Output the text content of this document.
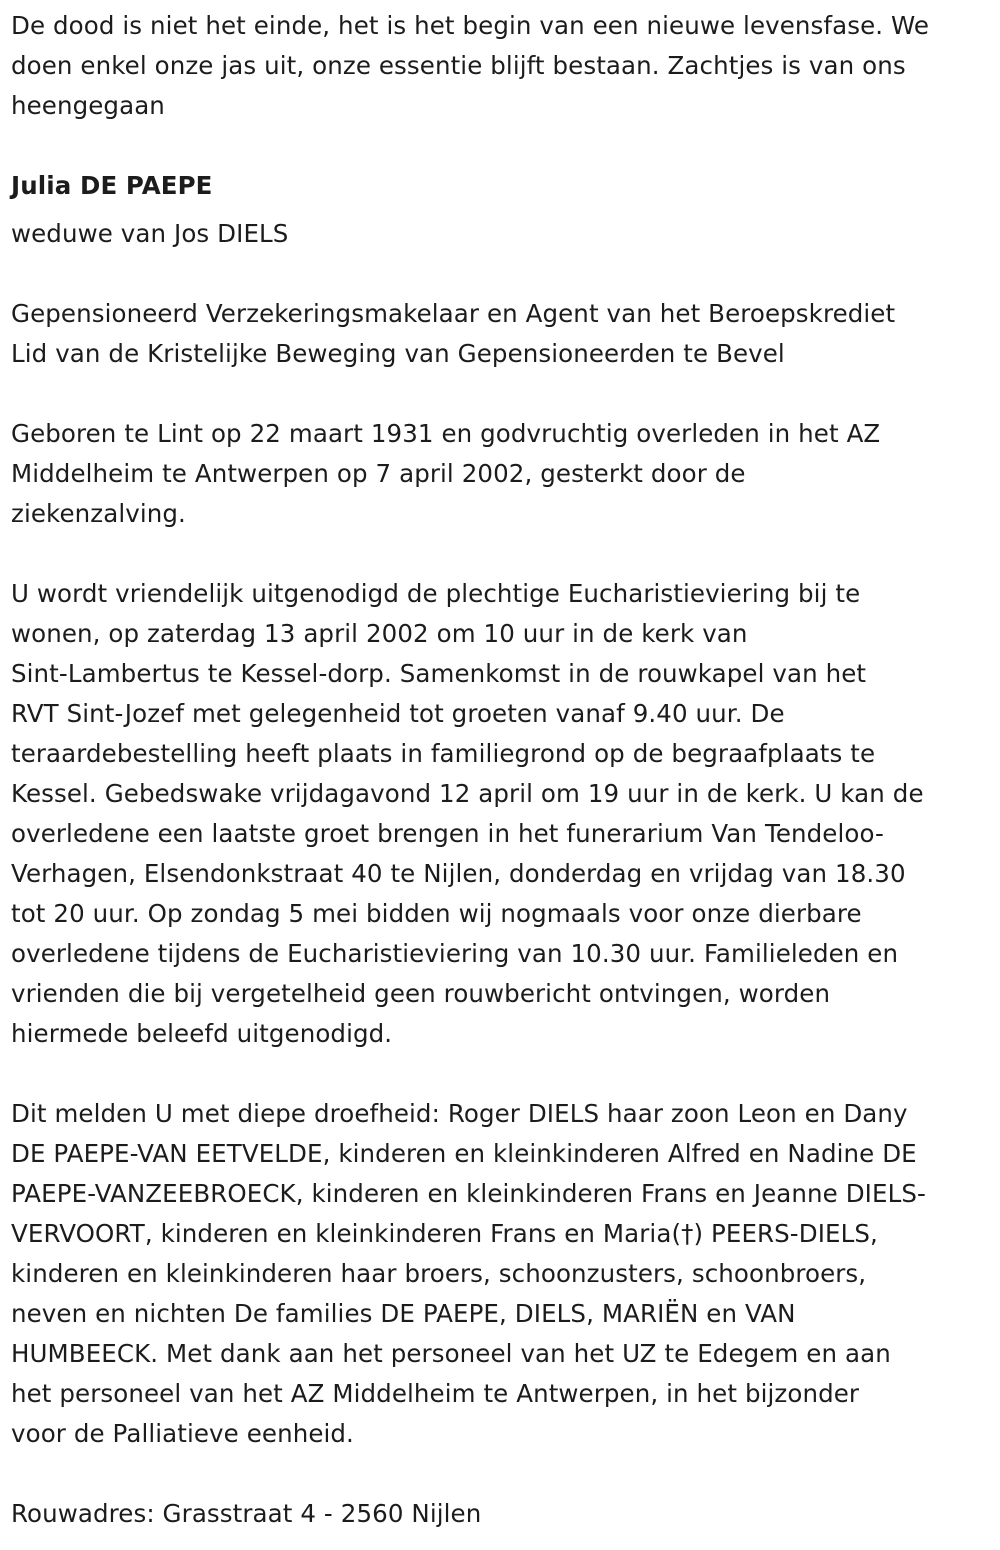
De dood is niet het einde, het is het begin van een nieuwe levensfase. We
doen enkel onze jas uit, onze essentie blijft bestaan. Zachtjes is van ons
heengegaan

Julia DE PAEPE

weduwe van Jos DIELS

Gepensioneerd Verzekeringsmakelaar en Agent van het Beroepskrediet
Lid van de Kristelijke Beweging van Gepensioneerden te Bevel

Geboren te Lint op 22 maart 1931 en godvruchtig overleden in het AZ
Middelheim te Antwerpen op 7 april 2002, gesterkt door de
ziekenzalving.

U wordt vriendelijk uitgenodigd de plechtige Eucharistieviering bij te
wonen, op zaterdag 13 april 2002 om 10 uur in de kerk van
Sint-Lambertus te Kessel-dorp. Samenkomst in de rouwkapel van het
RVT Sint-Jozef met gelegenheid tot groeten vanaf 9.40 uur. De
teraardebestelling heeft plaats in familiegrond op de begraafplaats te
Kessel. Gebedswake vrijdagavond 12 april om 19 uur in de kerk. U kan de
overledene een laatste groet brengen in het funerarium Van Tendeloo-
Verhagen, Elsendonkstraat 40 te Nijlen, donderdag en vrijdag van 18.30
tot 20 uur. Op zondag 5 mei bidden wij nogmaals voor onze dierbare
overledene tijdens de Eucharistieviering van 10.30 uur. Familieleden en
vrienden die bij vergetelheid geen rouwbericht ontvingen, worden
hiermede beleefd uitgenodigd.

Dit melden U met diepe droefheid: Roger DIELS haar zoon Leon en Dany
DE PAEPE-VAN EETVELDE, kinderen en kleinkinderen Alfred en Nadine DE
PAEPE-VANZEEBROECK, kinderen en kleinkinderen Frans en Jeanne DIELS-
VERVOORT, kinderen en kleinkinderen Frans en Maria(†) PEERS-DIELS,
kinderen en kleinkinderen haar broers, schoonzusters, schoonbroers,
neven en nichten De families DE PAEPE, DIELS, MARIËN en VAN
HUMBEECK. Met dank aan het personeel van het UZ te Edegem en aan
het personeel van het AZ Middelheim te Antwerpen, in het bijzonder
voor de Palliatieve eenheid.

Rouwadres: Grasstraat 4 - 2560 Nijlen
